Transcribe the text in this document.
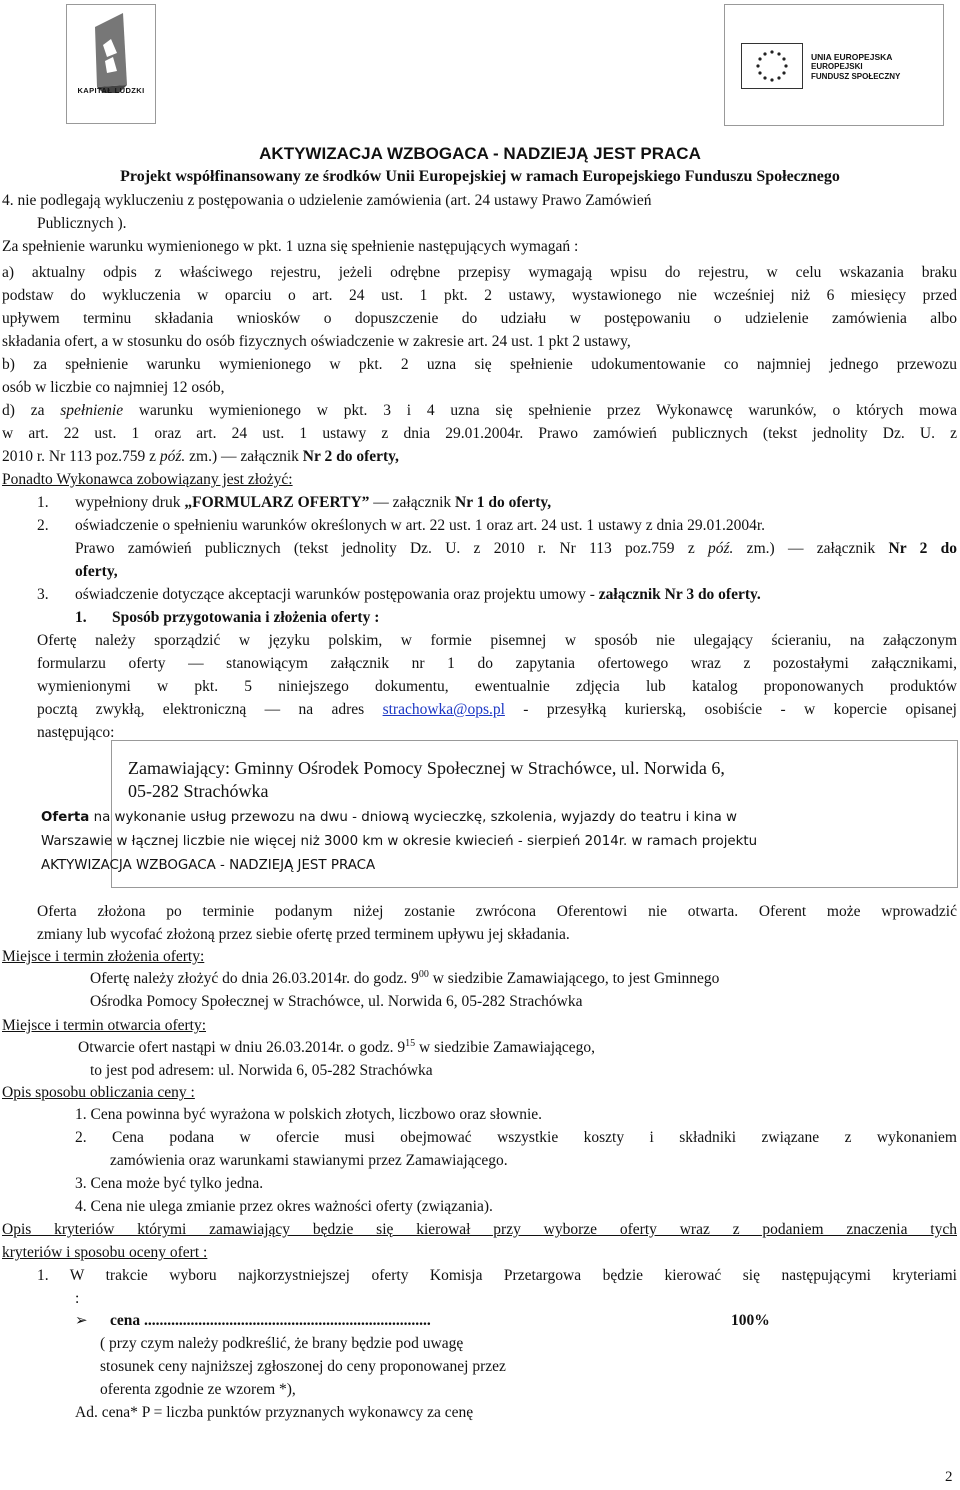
KAPITAŁ LUDZKI
UNIA EUROPEJSKA
EUROPEJSKI
FUNDUSZ SPOŁECZNY
AKTYWIZACJA WZBOGACA - NADZIEJĄ JEST PRACA
Projekt współfinansowany ze środków Unii Europejskiej w ramach Europejskiego Funduszu Społecznego
4. nie podlegają wykluczeniu z postępowania o udzielenie zamówienia (art. 24 ustawy Prawo Zamówień
Publicznych ).
Za spełnienie warunku wymienionego w pkt. 1 uzna się spełnienie następujących wymagań :
a) aktualny odpis z właściwego rejestru, jeżeli odrębne przepisy wymagają wpisu do rejestru, w celu wskazania braku
podstaw do wykluczenia w oparciu o art. 24 ust. 1 pkt. 2 ustawy, wystawionego nie wcześniej niż 6 miesięcy przed
upływem terminu składania wniosków o dopuszczenie do udziału w postępowaniu o udzielenie zamówienia albo
składania ofert, a w stosunku do osób fizycznych oświadczenie w zakresie art. 24 ust. 1 pkt 2 ustawy,
b) za spełnienie warunku wymienionego w pkt. 2 uzna się spełnienie udokumentowanie co najmniej jednego przewozu
osób w liczbie co najmniej 12 osób,
d) za spełnienie warunku wymienionego w pkt. 3 i 4 uzna się spełnienie przez Wykonawcę warunków, o których mowa
w art. 22 ust. 1 oraz art. 24 ust. 1 ustawy z dnia 29.01.2004r. Prawo zamówień publicznych (tekst jednolity Dz. U. z
2010 r. Nr 113 poz.759 z póź. zm.) — załącznik Nr 2 do oferty,
Ponadto Wykonawca zobowiązany jest złożyć:
1. wypełniony druk „FORMULARZ OFERTY” — załącznik Nr 1 do oferty,
2. oświadczenie o spełnieniu warunków określonych w art. 22 ust. 1 oraz art. 24 ust. 1 ustawy z dnia 29.01.2004r.
Prawo zamówień publicznych (tekst jednolity Dz. U. z 2010 r. Nr 113 poz.759 z póź. zm.) — załącznik Nr 2 do
oferty,
3. oświadczenie dotyczące akceptacji warunków postępowania oraz projektu umowy - załącznik Nr 3 do oferty.
1. Sposób przygotowania i złożenia oferty :
Ofertę należy sporządzić w języku polskim, w formie pisemnej w sposób nie ulegający ścieraniu, na załączonym
formularzu oferty — stanowiącym załącznik nr 1 do zapytania ofertowego wraz z pozostałymi załącznikami,
wymienionymi w pkt. 5 niniejszego dokumentu, ewentualnie zdjęcia lub katalog proponowanych produktów
pocztą zwykłą, elektroniczną — na adres strachowka@ops.pl - przesyłką kurierską, osobiście - w kopercie opisanej
następująco:
Zamawiający: Gminny Ośrodek Pomocy Społecznej w Strachówce, ul. Norwida 6,
05-282 Strachówka
Oferta na wykonanie usług przewozu na dwu - dniową wycieczkę, szkolenia, wyjazdy do teatru i kina w
Warszawie w łącznej liczbie nie więcej niż 3000 km w okresie kwiecień - sierpień 2014r. w ramach projektu
AKTYWIZACJA WZBOGACA - NADZIEJĄ JEST PRACA
Oferta złożona po terminie podanym niżej zostanie zwrócona Oferentowi nie otwarta. Oferent może wprowadzić
zmiany lub wycofać złożoną przez siebie ofertę przed terminem upływu jej składania.
Miejsce i termin złożenia oferty:
Ofertę należy złożyć do dnia 26.03.2014r. do godz. $9^{00}$ w siedzibie Zamawiającego, to jest Gminnego
Ośrodka Pomocy Społecznej w Strachówce, ul. Norwida 6, 05-282 Strachówka
Miejsce i termin otwarcia oferty:
Otwarcie ofert nastąpi w dniu 26.03.2014r. o godz. $9^{15}$ w siedzibie Zamawiającego,
to jest pod adresem: ul. Norwida 6, 05-282 Strachówka
Opis sposobu obliczania ceny :
1. Cena powinna być wyrażona w polskich złotych, liczbowo oraz słownie.
2. Cena podana w ofercie musi obejmować wszystkie koszty i składniki związane z wykonaniem
zamówienia oraz warunkami stawianymi przez Zamawiającego.
3. Cena może być tylko jedna.
4. Cena nie ulega zmianie przez okres ważności oferty (związania).
Opis kryteriów którymi zamawiający będzie się kierował przy wyborze oferty wraz z podaniem znaczenia tych
kryteriów i sposobu oceny ofert :
1. W trakcie wyboru najkorzystniejszej oferty Komisja Przetargowa będzie kierować się następującymi kryteriami
:
➢ cena ..........................................................................	100%
( przy czym należy podkreślić, że brany będzie pod uwagę
stosunek ceny najniższej zgłoszonej do ceny proponowanej przez
oferenta zgodnie ze wzorem *),
Ad. cena* P = liczba punktów przyznanych wykonawcy za cenę
2
